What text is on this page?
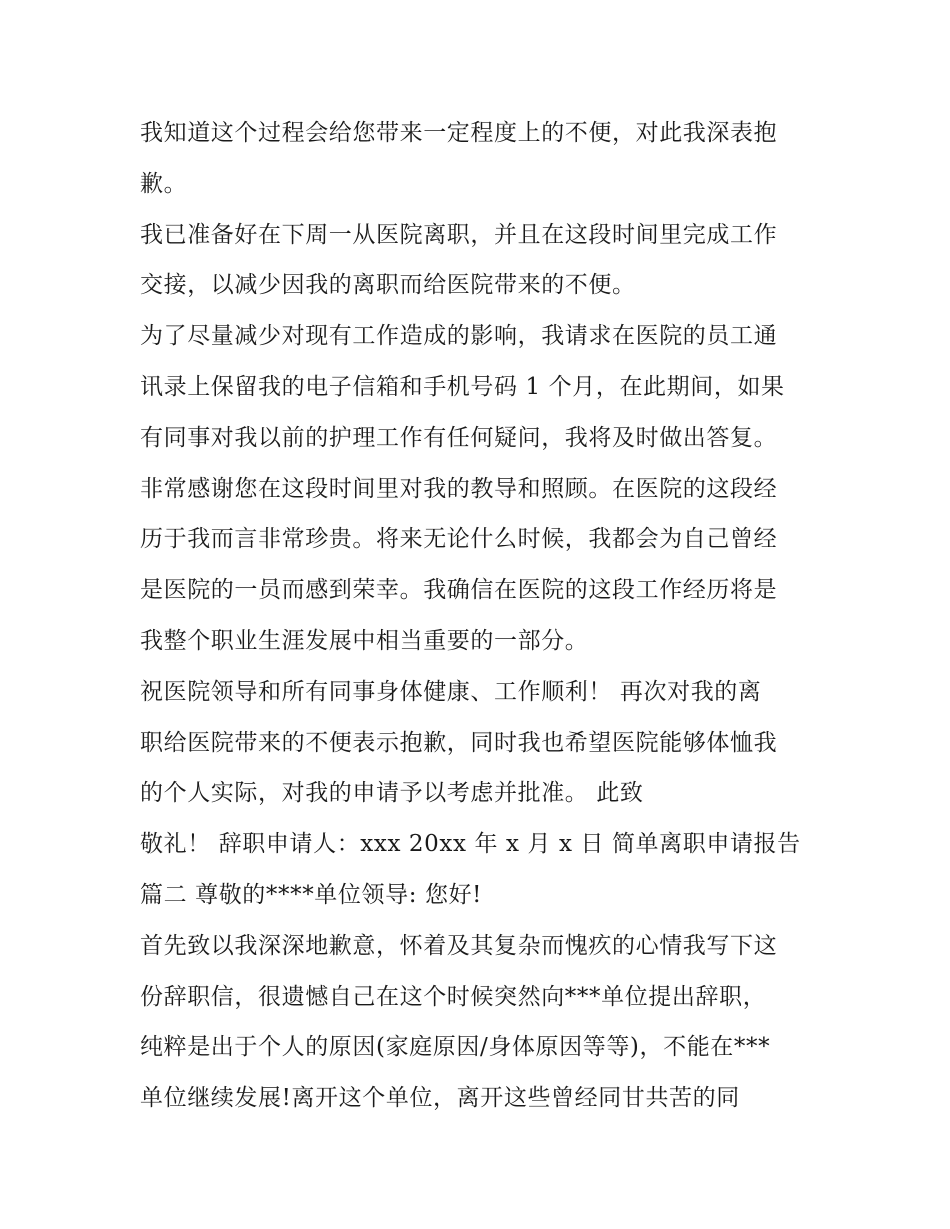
我知道这个过程会给您带来一定程度上的不便，对此我深表抱
歉。
我已准备好在下周一从医院离职，并且在这段时间里完成工作
交接，以减少因我的离职而给医院带来的不便。
为了尽量减少对现有工作造成的影响，我请求在医院的员工通
讯录上保留我的电子信箱和手机号码 1 个月，在此期间，如果
有同事对我以前的护理工作有任何疑问，我将及时做出答复。
非常感谢您在这段时间里对我的教导和照顾。在医院的这段经
历于我而言非常珍贵。将来无论什么时候，我都会为自己曾经
是医院的一员而感到荣幸。我确信在医院的这段工作经历将是
我整个职业生涯发展中相当重要的一部分。
祝医院领导和所有同事身体健康、工作顺利！ 再次对我的离
职给医院带来的不便表示抱歉，同时我也希望医院能够体恤我
的个人实际，对我的申请予以考虑并批准。 此致
敬礼！ 辞职申请人：xxx 20xx 年 x 月 x 日 简单离职申请报告
篇二 尊敬的****单位领导: 您好!
首先致以我深深地歉意，怀着及其复杂而愧疚的心情我写下这
份辞职信，很遗憾自己在这个时候突然向***单位提出辞职，
纯粹是出于个人的原因(家庭原因/身体原因等等)，不能在***
单位继续发展!离开这个单位，离开这些曾经同甘共苦的同
